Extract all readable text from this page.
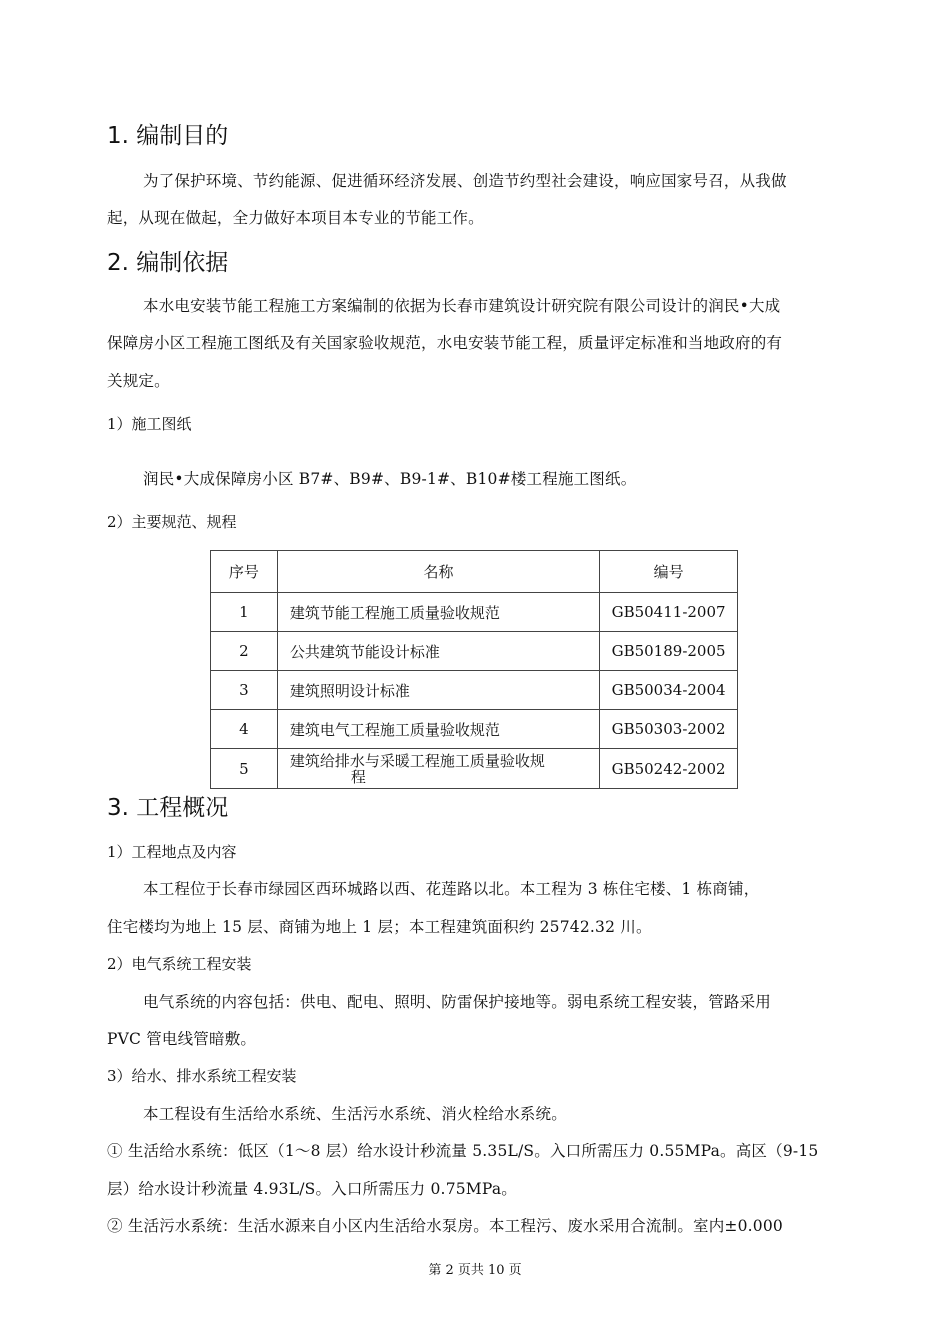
1. 编制目的
为了保护环境、节约能源、促进循环经济发展、创造节约型社会建设，响应国家号召，从我做
起，从现在做起，全力做好本项目本专业的节能工作。
2. 编制依据
本水电安装节能工程施工方案编制的依据为长春市建筑设计研究院有限公司设计的润民•大成
保障房小区工程施工图纸及有关国家验收规范，水电安装节能工程，质量评定标准和当地政府的有
关规定。
1）施工图纸
润民•大成保障房小区 B7#、B9#、B9-1#、B10#楼工程施工图纸。
2）主要规范、规程
序号	名称	编号
1	建筑节能工程施工质量验收规范	GB50411-2007
2	公共建筑节能设计标准	GB50189-2005
3	建筑照明设计标准	GB50034-2004
4	建筑电气工程施工质量验收规范	GB50303-2002
5	建筑给排水与采暖工程施工质量验收规
程	GB50242-2002
3. 工程概况
1）工程地点及内容
本工程位于长春市绿园区西环城路以西、花莲路以北。本工程为 3 栋住宅楼、1 栋商铺，
住宅楼均为地上 15 层、商铺为地上 1 层；本工程建筑面积约 25742.32 川。
2）电气系统工程安装
电气系统的内容包括：供电、配电、照明、防雷保护接地等。弱电系统工程安装，管路采用
PVC 管电线管暗敷。
3）给水、排水系统工程安装
本工程设有生活给水系统、生活污水系统、消火栓给水系统。
① 生活给水系统：低区（1〜8 层）给水设计秒流量 5.35L/S。入口所需压力 0.55MPa。高区（9-15
层）给水设计秒流量 4.93L/S。入口所需压力 0.75MPa。
② 生活污水系统：生活水源来自小区内生活给水泵房。本工程污、废水采用合流制。室内±0.000
第 2 页共 10 页
